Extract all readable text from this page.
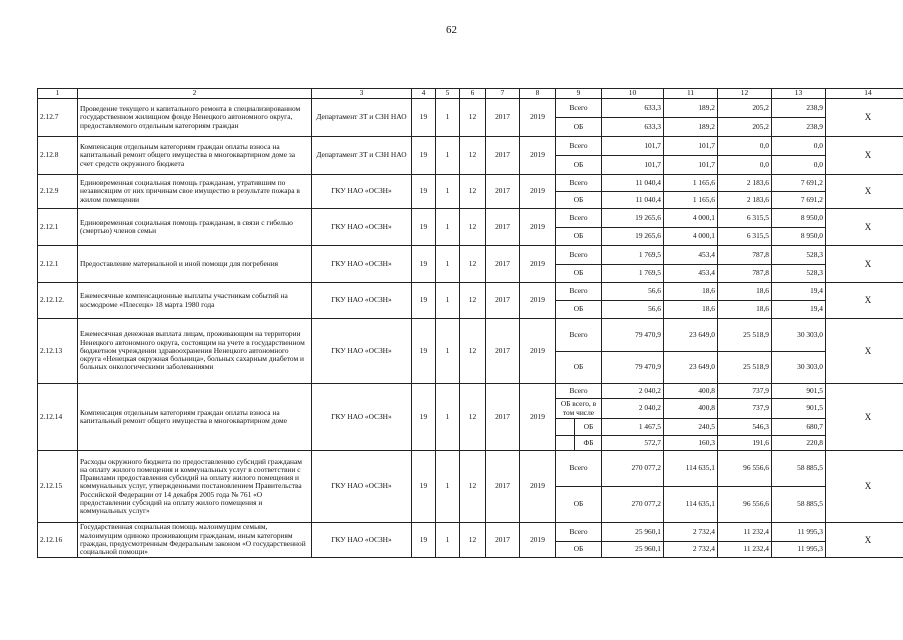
62
1	2	3	4	5	6	7	8	9	10	11	12	13	14
2.12.7	Проведение текущего и капитального ремонта в специализированном государственном жилищном фонде Ненецкого автономного округа, предоставляемого отдельным категориям граждан	Департамент ЗТ и СЗН НАО	19	1	12	2017	2019	Всего	633,3	189,2	205,2	238,9	Х
								ОБ	633,3	189,2	205,2	238,9	
2.12.8	Компенсация отдельным категориям граждан оплаты взноса на капитальный ремонт общего имущества в многоквартирном доме за счет средств окружного бюджета	Департамент ЗТ и СЗН НАО	19	1	12	2017	2019	Всего	101,7	101,7	0,0	0,0	Х
								ОБ	101,7	101,7	0,0	0,0	
2.12.9	Единовременная социальная помощь гражданам, утратившим по независящим от них причинам свое имущество в результате пожара в жилом помещении	ГКУ НАО «ОСЗН»	19	1	12	2017	2019	Всего	11 040,4	1 165,6	2 183,6	7 691,2	Х
								ОБ	11 040,4	1 165,6	2 183,6	7 691,2	
2.12.1	Единовременная социальная помощь гражданам, в связи с гибелью (смертью) членов семьи	ГКУ НАО «ОСЗН»	19	1	12	2017	2019	Всего	19 265,6	4 000,1	6 315,5	8 950,0	Х
								ОБ	19 265,6	4 000,1	6 315,5	8 950,0	
2.12.1	Предоставление материальной и иной помощи для погребения	ГКУ НАО «ОСЗН»	19	1	12	2017	2019	Всего	1 769,5	453,4	787,8	528,3	Х
								ОБ	1 769,5	453,4	787,8	528,3	
2.12.12.	Ежемесячные компенсационные выплаты участникам событий на космодроме «Плесецк» 18 марта 1980 года	ГКУ НАО «ОСЗН»	19	1	12	2017	2019	Всего	56,6	18,6	18,6	19,4	Х
								ОБ	56,6	18,6	18,6	19,4	
2.12.13	Ежемесячная денежная выплата лицам, проживающим на территории Ненецкого автономного округа, состоящим на учете в государственном бюджетном учреждении здравоохранения Ненецкого автономного округа «Ненецкая окружная больница», больных сахарным диабетом и больных онкологическими заболеваниями	ГКУ НАО «ОСЗН»	19	1	12	2017	2019	Всего	79 470,9	23 649,0	25 518,9	30 303,0	Х
								ОБ	79 470,9	23 649,0	25 518,9	30 303,0	
2.12.14	Компенсация отдельным категориям граждан оплаты взноса на капитальный ремонт общего имущества в многоквартирном доме	ГКУ НАО «ОСЗН»	19	1	12	2017	2019	Всего	2 040,2	400,8	737,9	901,5	Х
								ОБ всего, в том числе	2 040,2	400,8	737,9	901,5	
								ОБ	1 467,5	240,5	546,3	680,7	
								ФБ	572,7	160,3	191,6	220,8	
2.12.15	Расходы окружного бюджета по предоставлению субсидий гражданам на оплату жилого помещения и коммунальных услуг в соответствии с Правилами предоставления субсидий на оплату жилого помещения и коммунальных услуг, утвержденными постановлением Правительства Российской Федерации от 14 декабря 2005 года № 761 «О предоставлении субсидий на оплату жилого помещения и коммунальных услуг»	ГКУ НАО «ОСЗН»	19	1	12	2017	2019	Всего	270 077,2	114 635,1	96 556,6	58 885,5	Х
								ОБ	270 077,2	114 635,1	96 556,6	58 885,5	
2.12.16	Государственная социальная помощь малоимущим семьям, малоимущим одиноко проживающим гражданам, иным категориям граждан, предусмотренным Федеральным законом «О государственной социальной помощи»	ГКУ НАО «ОСЗН»	19	1	12	2017	2019	Всего	25 960,1	2 732,4	11 232,4	11 995,3	Х
								ОБ	25 960,1	2 732,4	11 232,4	11 995,3	
